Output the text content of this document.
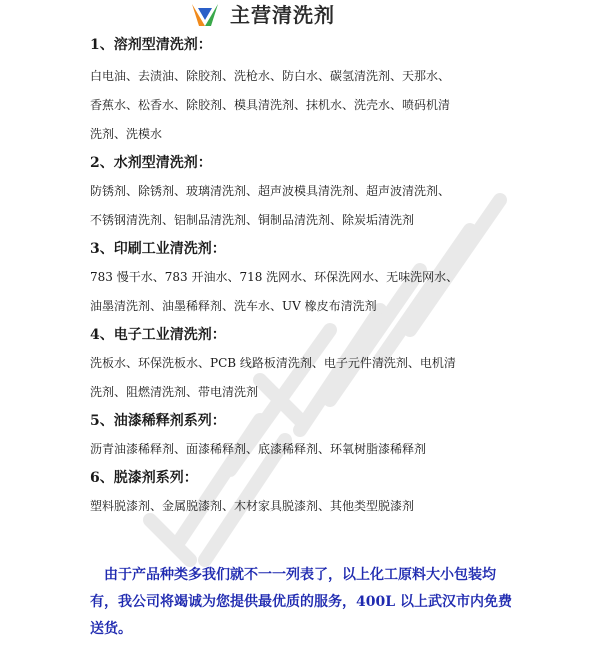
主营清洗剂
1、溶剂型清洗剂：
白电油、去渍油、除胶剂、洗枪水、防白水、碳氢清洗剂、天那水、
香蕉水、松香水、除胶剂、模具清洗剂、抹机水、洗壳水、喷码机清
洗剂、洗模水
2、水剂型清洗剂：
防锈剂、除锈剂、玻璃清洗剂、超声波模具清洗剂、超声波清洗剂、
不锈钢清洗剂、铝制品清洗剂、铜制品清洗剂、除炭垢清洗剂
3、印刷工业清洗剂：
783 慢干水、783 开油水、718 洗网水、环保洗网水、无味洗网水、
油墨清洗剂、油墨稀释剂、洗车水、UV 橡皮布清洗剂
4、电子工业清洗剂：
洗板水、环保洗板水、PCB 线路板清洗剂、电子元件清洗剂、电机清
洗剂、阻燃清洗剂、带电清洗剂
5、油漆稀释剂系列：
沥青油漆稀释剂、面漆稀释剂、底漆稀释剂、环氧树脂漆稀释剂
6、脱漆剂系列：
塑料脱漆剂、金属脱漆剂、木材家具脱漆剂、其他类型脱漆剂
由于产品种类多我们就不一一列表了，以上化工原料大小包装均有，我公司将竭诚为您提供最优质的服务，400L 以上武汉市内免费送货。
